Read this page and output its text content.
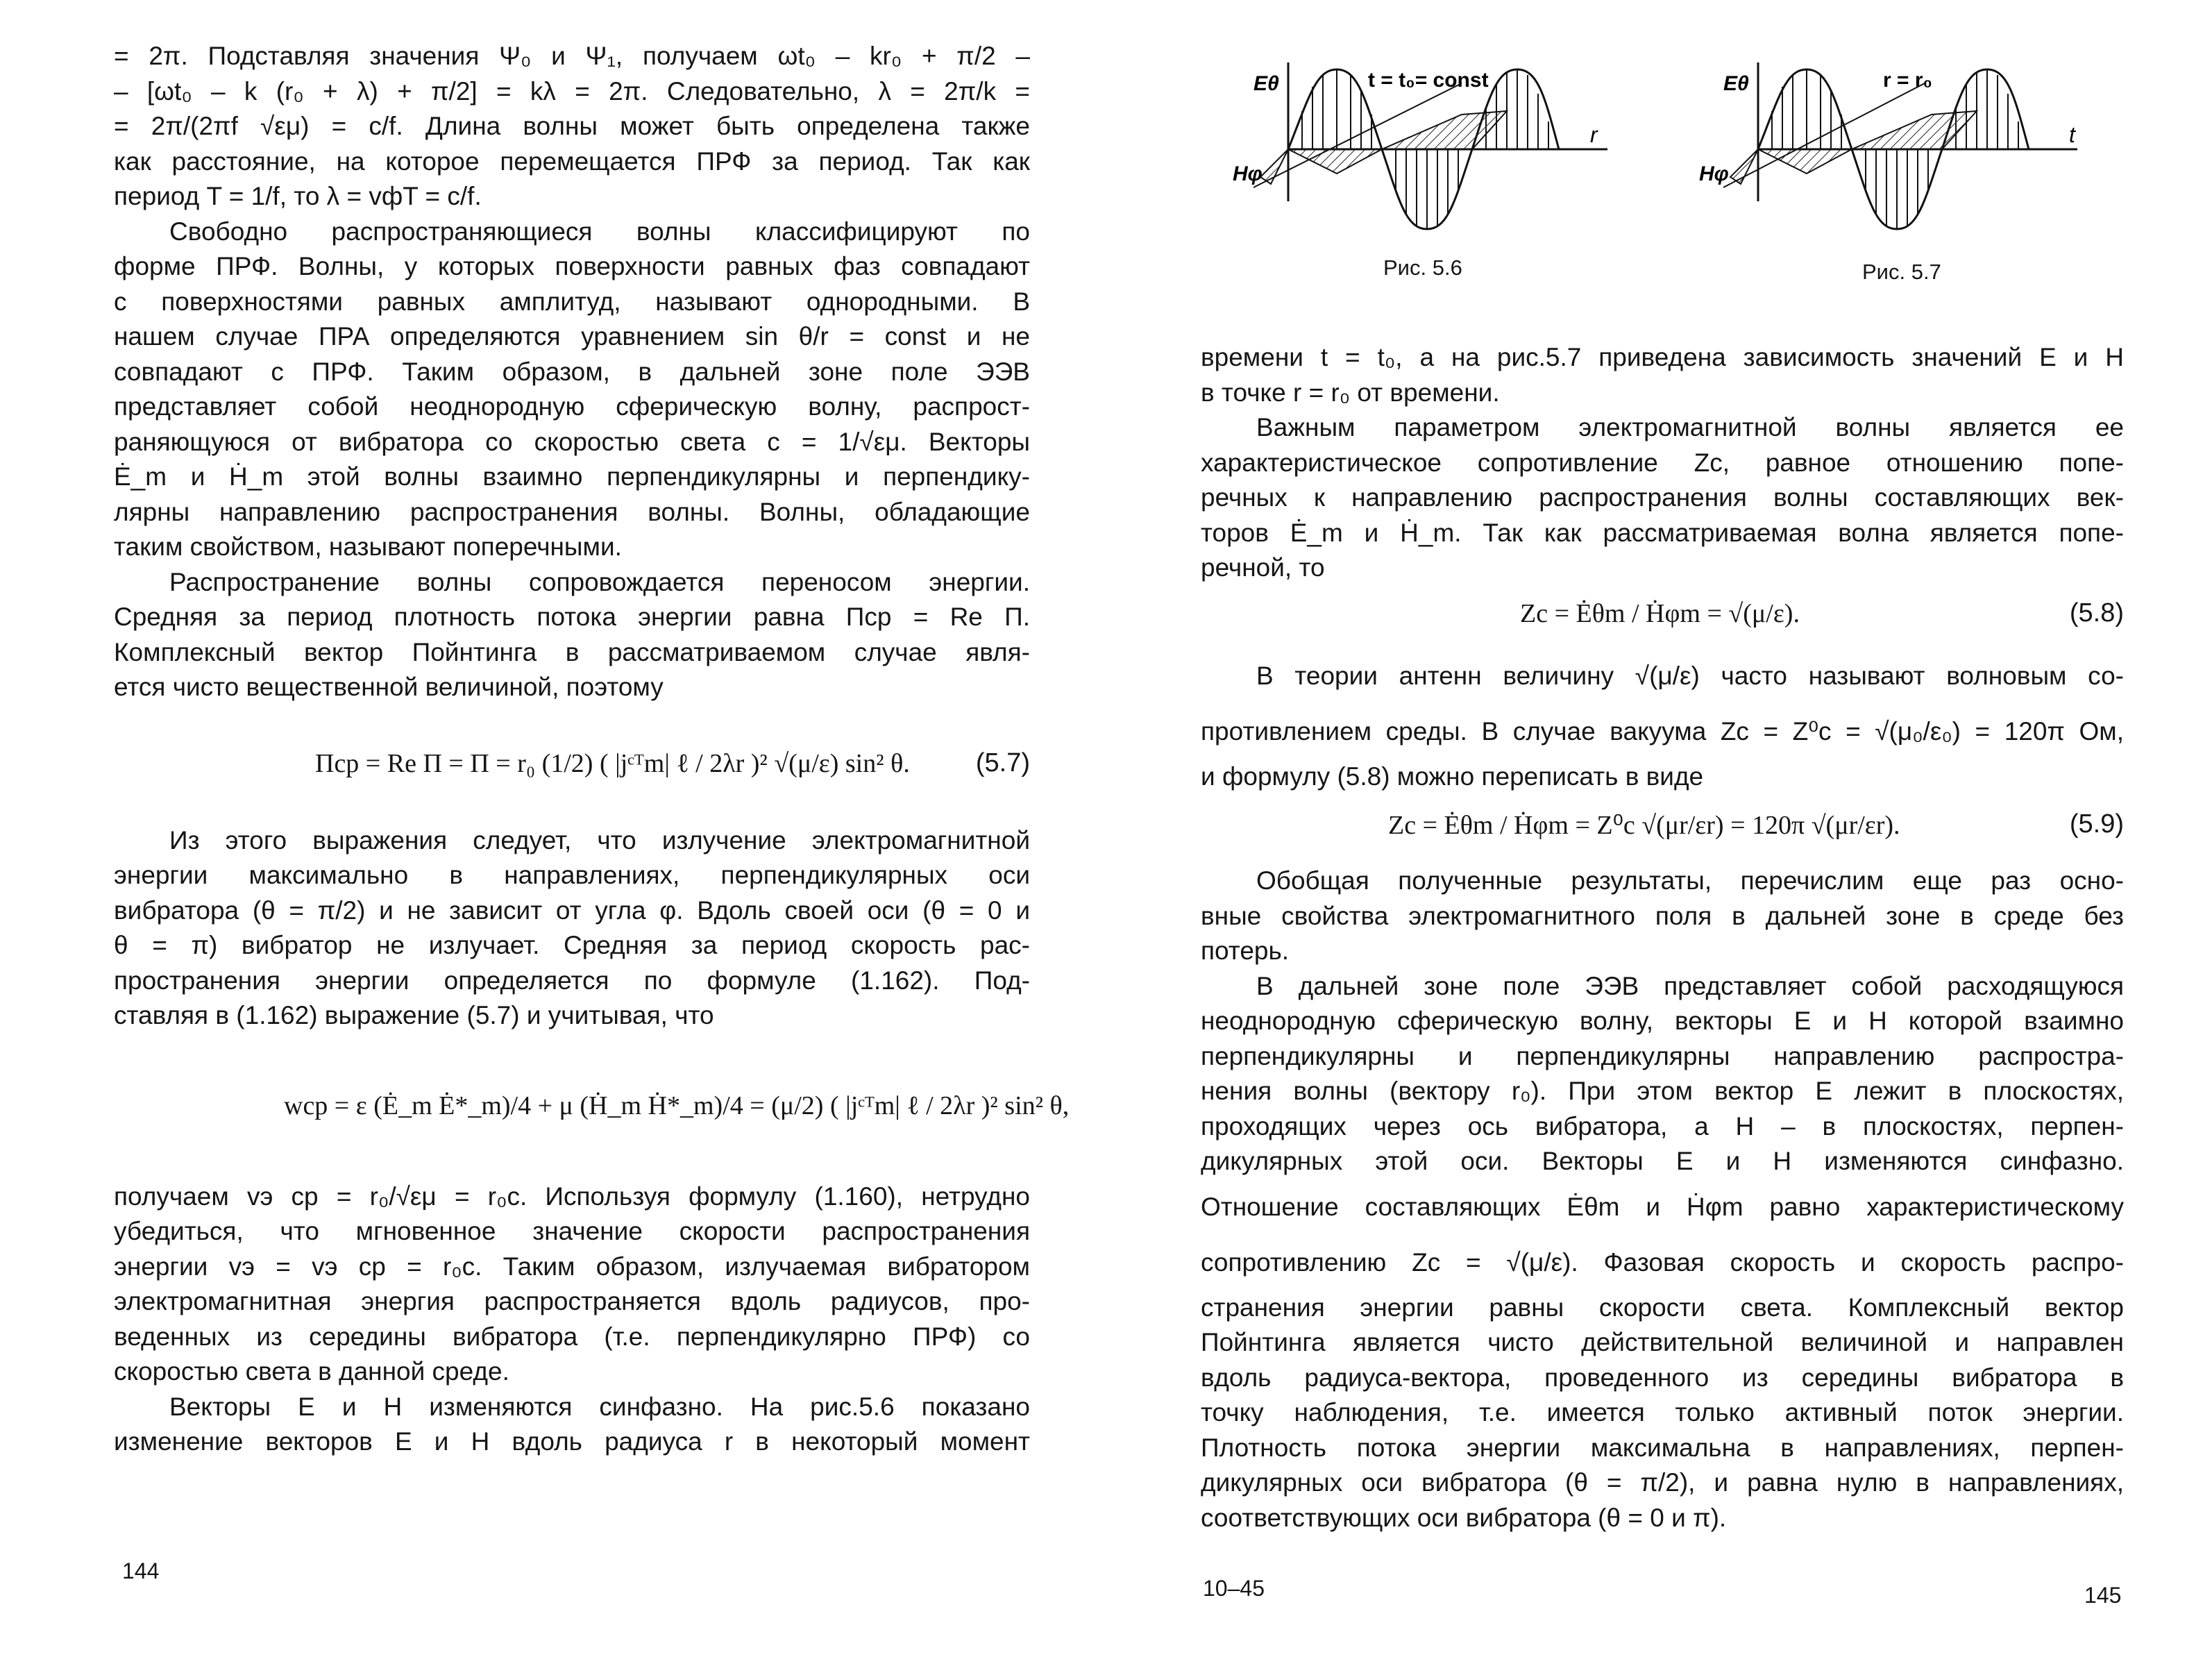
= 2π. Подставляя значения Ψ₀ и Ψ₁, получаем ωt₀ – kr₀ + π/2 –
– [ωt₀ – k (r₀ + λ) + π/2] = kλ = 2π. Следовательно, λ = 2π/k =
= 2π/(2πf √εμ) = c/f. Длина волны может быть определена также
как расстояние, на которое перемещается ПРФ за период. Так как
период T = 1/f, то λ = vфT = c/f.
Свободно распространяющиеся волны классифицируют по
форме ПРФ. Волны, у которых поверхности равных фаз совпадают
с поверхностями равных амплитуд, называют однородными. В
нашем случае ПРА определяются уравнением sin θ/r = const и не
совпадают с ПРФ. Таким образом, в дальней зоне поле ЭЭВ
представляет собой неоднородную сферическую волну, распрост-
раняющуюся от вибратора со скоростью света c = 1/√εμ. Векторы
Ė_m и Ḣ_m этой волны взаимно перпендикулярны и перпендику-
лярны направлению распространения волны. Волны, обладающие
таким свойством, называют поперечными.
Распространение волны сопровождается переносом энергии.
Средняя за период плотность потока энергии равна Пср = Re П.
Комплексный вектор Пойнтинга в рассматриваемом случае явля-
ется чисто вещественной величиной, поэтому
Пср = Re П = П = r₀ (1/2) ( |jᶜᵀm| ℓ / 2λr )² √(μ/ε) sin² θ.	(5.7)
Из этого выражения следует, что излучение электромагнитной
энергии максимально в направлениях, перпендикулярных оси
вибратора (θ = π/2) и не зависит от угла φ. Вдоль своей оси (θ = 0 и
θ = π) вибратор не излучает. Средняя за период скорость рас-
пространения энергии определяется по формуле (1.162). Под-
ставляя в (1.162) выражение (5.7) и учитывая, что
wср = ε (Ė_m Ė*_m)/4 + μ (Ḣ_m Ḣ*_m)/4 = (μ/2) ( |jᶜᵀm| ℓ / 2λr )² sin² θ,
получаем vэ ср = r₀/√εμ = r₀c. Используя формулу (1.160), нетрудно
убедиться, что мгновенное значение скорости распространения
энергии vэ = vэ ср = r₀c. Таким образом, излучаемая вибратором
электромагнитная энергия распространяется вдоль радиусов, про-
веденных из середины вибратора (т.е. перпендикулярно ПРФ) со
скоростью света в данной среде.
Векторы E и H изменяются синфазно. На рис.5.6 показано
изменение векторов E и H вдоль радиуса r в некоторый момент
144
Eθ
Hφ
r
t = t₀= const
Рис. 5.6
Eθ
Hφ
t
r = r₀
Рис. 5.7
времени t = t₀, а на рис.5.7 приведена зависимость значений E и H
в точке r = r₀ от времени.
Важным параметром электромагнитной волны является ее
характеристическое сопротивление Zc, равное отношению попе-
речных к направлению распространения волны составляющих век-
торов Ė_m и Ḣ_m. Так как рассматриваемая волна является попе-
речной, то
Zc = Ėθm / Ḣφm = √(μ/ε).	(5.8)
В теории антенн величину √(μ/ε) часто называют волновым со-
противлением среды. В случае вакуума Zc = Z⁰c = √(μ₀/ε₀) = 120π Ом,
и формулу (5.8) можно переписать в виде
Zc = Ėθm / Ḣφm = Z⁰c √(μr/εr) = 120π √(μr/εr).	(5.9)
Обобщая полученные результаты, перечислим еще раз осно-
вные свойства электромагнитного поля в дальней зоне в среде без
потерь.
В дальней зоне поле ЭЭВ представляет собой расходящуюся
неоднородную сферическую волну, векторы E и H которой взаимно
перпендикулярны и перпендикулярны направлению распростра-
нения волны (вектору r₀). При этом вектор E лежит в плоскостях,
проходящих через ось вибратора, а H – в плоскостях, перпен-
дикулярных этой оси. Векторы E и H изменяются синфазно.
Отношение составляющих Ėθm и Ḣφm равно характеристическому
сопротивлению Zc = √(μ/ε). Фазовая скорость и скорость распро-
странения энергии равны скорости света. Комплексный вектор
Пойнтинга является чисто действительной величиной и направлен
вдоль радиуса-вектора, проведенного из середины вибратора в
точку наблюдения, т.е. имеется только активный поток энергии.
Плотность потока энергии максимальна в направлениях, перпен-
дикулярных оси вибратора (θ = π/2), и равна нулю в направлениях,
соответствующих оси вибратора (θ = 0 и π).
10–45	145
